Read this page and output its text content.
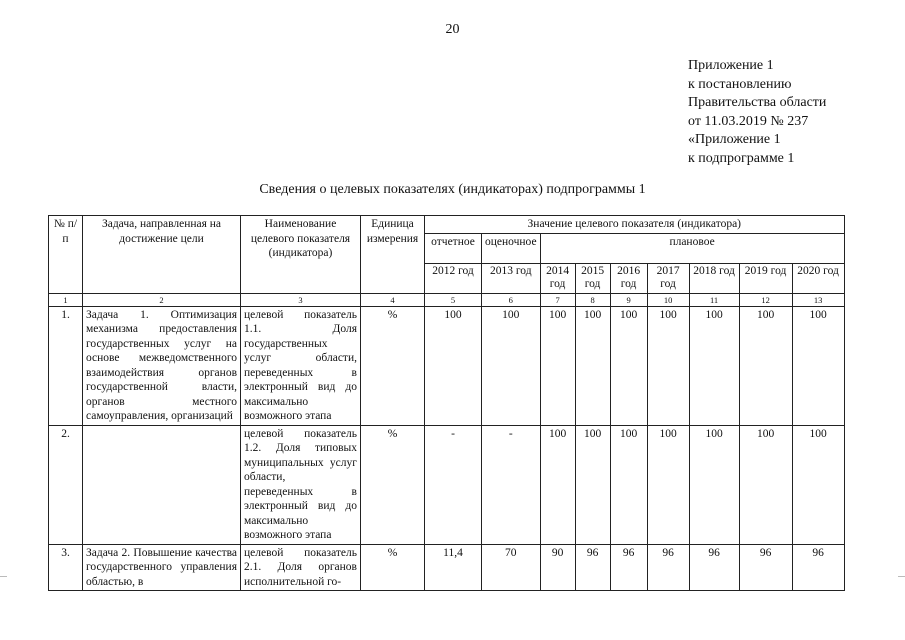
20
Приложение 1
к постановлению
Правительства области
от 11.03.2019 № 237
«Приложение 1
к подпрограмме 1
Сведения о целевых показателях (индикаторах) подпрограммы 1
№ п/п	Задача, направленная на достижение цели	Наименование целевого показателя (индикатора)	Единица измерения	Значение целевого показателя (индикатора)								
				отчетное	оценочное	плановое						
				2012 год	2013 год	2014 год	2015 год	2016 год	2017 год	2018 год	2019 год	2020 год
1	2	3	4	5	6	7	8	9	10	11	12	13
1.	Задача 1. Оптимизация механизма предоставления государственных услуг на основе межведомственного взаимодействия органов государственной власти, органов местного самоуправления, организаций	целевой показатель 1.1. Доля государственных услуг области, переведенных в электронный вид до максимально возможного этапа	%	100	100	100	100	100	100	100	100	100
2.		целевой показатель 1.2. Доля типовых муниципальных услуг области, переведенных в электронный вид до максимально возможного этапа	%	-	-	100	100	100	100	100	100	100
3.	Задача 2. Повышение качества государственного управления областью, в	целевой показатель 2.1. Доля органов исполнительной го-	%	11,4	70	90	96	96	96	96	96	96
